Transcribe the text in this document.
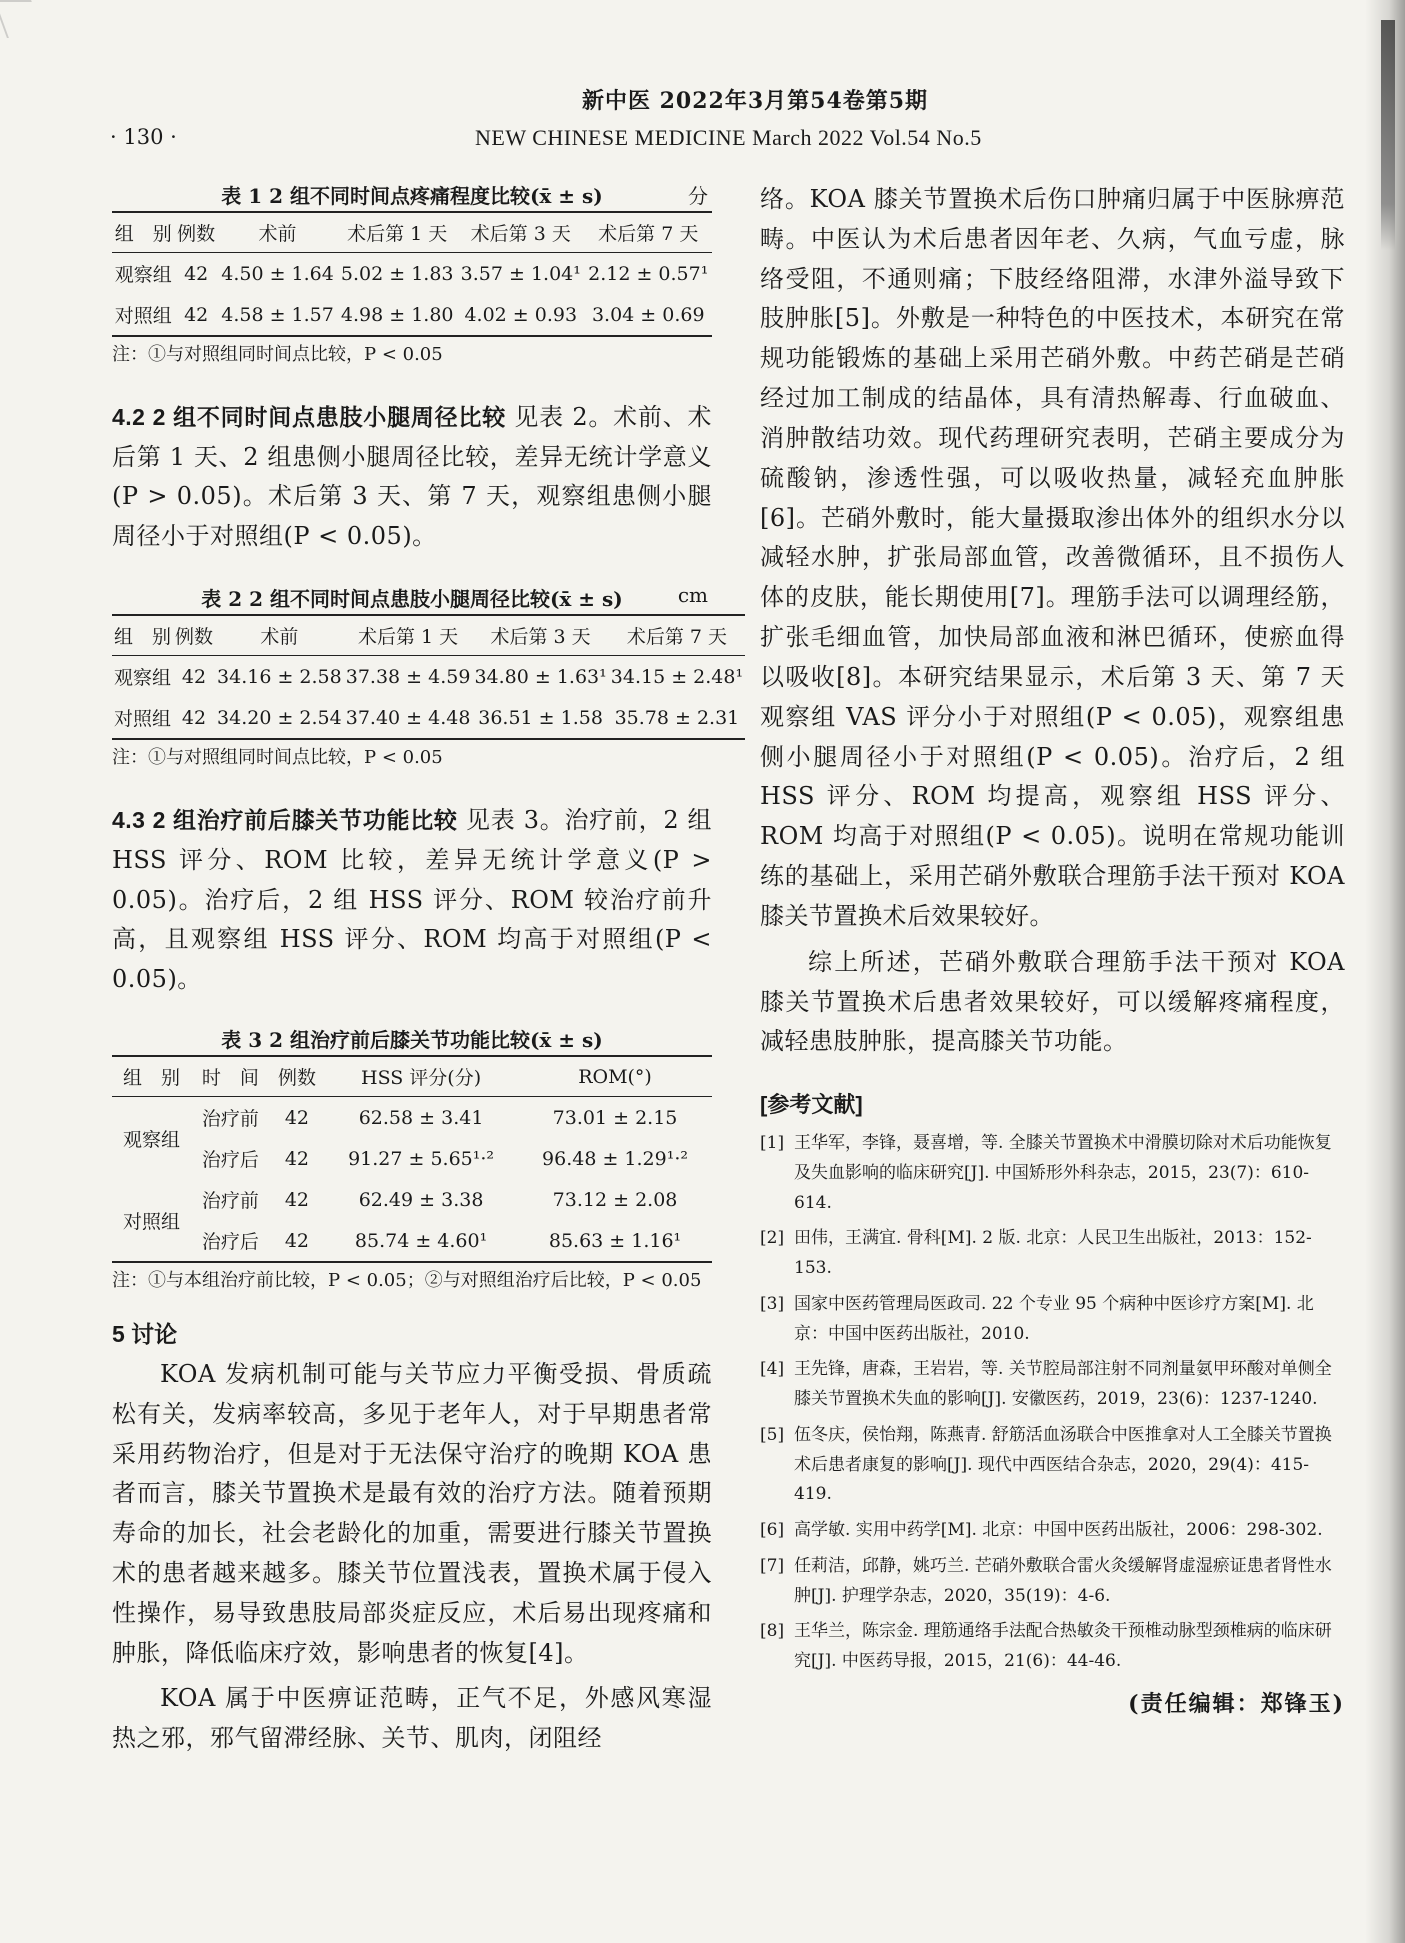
新中医 2022年3月第54卷第5期
· 130 ·	NEW CHINESE MEDICINE March 2022 Vol.54 No.5
表 1 2 组不同时间点疼痛程度比较(x̄ ± s)	分
组　别	例数	术前	术后第 1 天	术后第 3 天	术后第 7 天
观察组	42	4.50 ± 1.64	5.02 ± 1.83	3.57 ± 1.04¹	2.12 ± 0.57¹
对照组	42	4.58 ± 1.57	4.98 ± 1.80	4.02 ± 0.93	3.04 ± 0.69
注：①与对照组同时间点比较，P < 0.05

4.2 2 组不同时间点患肢小腿周径比较 见表 2。术前、术后第 1 天、2 组患侧小腿周径比较，差异无统计学意义(P > 0.05)。术后第 3 天、第 7 天，观察组患侧小腿周径小于对照组(P < 0.05)。

表 2 2 组不同时间点患肢小腿周径比较(x̄ ± s)	cm
组　别	例数	术前	术后第 1 天	术后第 3 天	术后第 7 天
观察组	42	34.16 ± 2.58	37.38 ± 4.59	34.80 ± 1.63¹	34.15 ± 2.48¹
对照组	42	34.20 ± 2.54	37.40 ± 4.48	36.51 ± 1.58	35.78 ± 2.31
注：①与对照组同时间点比较，P < 0.05

4.3 2 组治疗前后膝关节功能比较 见表 3。治疗前，2 组 HSS 评分、ROM 比较，差异无统计学意义(P > 0.05)。治疗后，2 组 HSS 评分、ROM 较治疗前升高，且观察组 HSS 评分、ROM 均高于对照组(P < 0.05)。

表 3 2 组治疗前后膝关节功能比较(x̄ ± s)
组　别	时　间	例数	HSS 评分(分)	ROM(°)
观察组	治疗前	42	62.58 ± 3.41	73.01 ± 2.15
	治疗后	42	91.27 ± 5.65¹·²	96.48 ± 1.29¹·²
对照组	治疗前	42	62.49 ± 3.38	73.12 ± 2.08
	治疗后	42	85.74 ± 4.60¹	85.63 ± 1.16¹
注：①与本组治疗前比较，P < 0.05；②与对照组治疗后比较，P < 0.05
5 讨论

KOA 发病机制可能与关节应力平衡受损、骨质疏松有关，发病率较高，多见于老年人，对于早期患者常采用药物治疗，但是对于无法保守治疗的晚期 KOA 患者而言，膝关节置换术是最有效的治疗方法。随着预期寿命的加长，社会老龄化的加重，需要进行膝关节置换术的患者越来越多。膝关节位置浅表，置换术属于侵入性操作，易导致患肢局部炎症反应，术后易出现疼痛和肿胀，降低临床疗效，影响患者的恢复[4]。

KOA 属于中医痹证范畴，正气不足，外感风寒湿热之邪，邪气留滞经脉、关节、肌肉，闭阻经

络。KOA 膝关节置换术后伤口肿痛归属于中医脉痹范畴。中医认为术后患者因年老、久病，气血亏虚，脉络受阻，不通则痛；下肢经络阻滞，水津外溢导致下肢肿胀[5]。外敷是一种特色的中医技术，本研究在常规功能锻炼的基础上采用芒硝外敷。中药芒硝是芒硝经过加工制成的结晶体，具有清热解毒、行血破血、消肿散结功效。现代药理研究表明，芒硝主要成分为硫酸钠，渗透性强，可以吸收热量，减轻充血肿胀[6]。芒硝外敷时，能大量摄取渗出体外的组织水分以减轻水肿，扩张局部血管，改善微循环，且不损伤人体的皮肤，能长期使用[7]。理筋手法可以调理经筋，扩张毛细血管，加快局部血液和淋巴循环，使瘀血得以吸收[8]。本研究结果显示，术后第 3 天、第 7 天观察组 VAS 评分小于对照组(P < 0.05)，观察组患侧小腿周径小于对照组(P < 0.05)。治疗后，2 组 HSS 评分、ROM 均提高，观察组 HSS 评分、ROM 均高于对照组(P < 0.05)。说明在常规功能训练的基础上，采用芒硝外敷联合理筋手法干预对 KOA 膝关节置换术后效果较好。

综上所述，芒硝外敷联合理筋手法干预对 KOA 膝关节置换术后患者效果较好，可以缓解疼痛程度，减轻患肢肿胀，提高膝关节功能。

[参考文献]
[1] 王华军，李锋，聂喜增，等. 全膝关节置换术中滑膜切除对术后功能恢复及失血影响的临床研究[J]. 中国矫形外科杂志，2015，23(7)：610-614.
[2] 田伟，王满宜. 骨科[M]. 2 版. 北京：人民卫生出版社，2013：152-153.
[3] 国家中医药管理局医政司. 22 个专业 95 个病种中医诊疗方案[M]. 北京：中国中医药出版社，2010.
[4] 王先锋，唐森，王岩岩，等. 关节腔局部注射不同剂量氨甲环酸对单侧全膝关节置换术失血的影响[J]. 安徽医药，2019，23(6)：1237-1240.
[5] 伍冬庆，侯怡翔，陈燕青. 舒筋活血汤联合中医推拿对人工全膝关节置换术后患者康复的影响[J]. 现代中西医结合杂志，2020，29(4)：415-419.
[6] 高学敏. 实用中药学[M]. 北京：中国中医药出版社，2006：298-302.
[7] 任莉洁，邱静，姚巧兰. 芒硝外敷联合雷火灸缓解肾虚湿瘀证患者肾性水肿[J]. 护理学杂志，2020，35(19)：4-6.
[8] 王华兰，陈宗金. 理筋通络手法配合热敏灸干预椎动脉型颈椎病的临床研究[J]. 中医药导报，2015，21(6)：44-46.
(责任编辑：郑锋玉)
